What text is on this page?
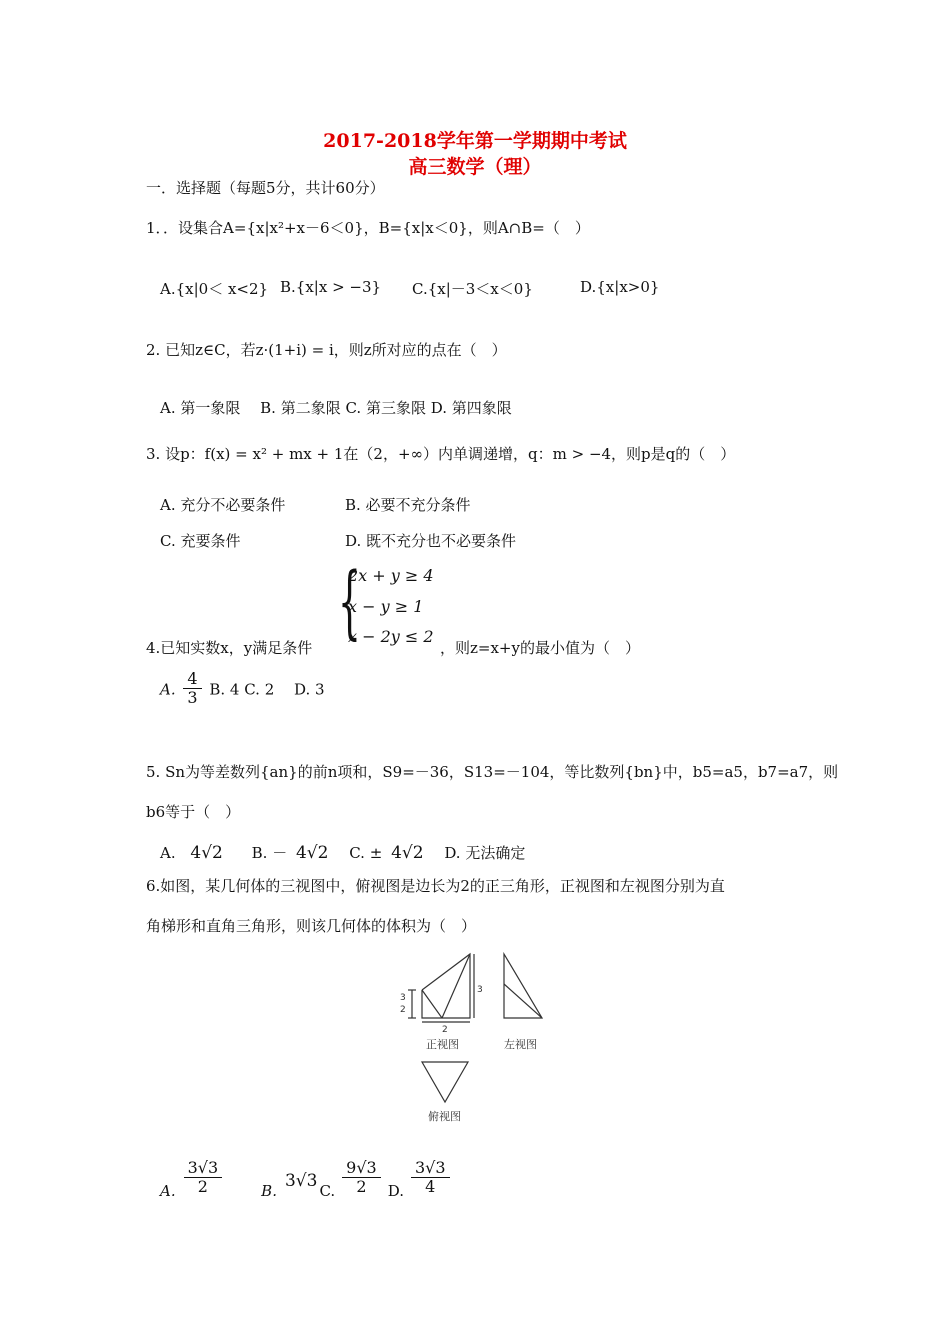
2017-2018学年第一学期期中考试
高三数学（理）
一．选择题（每题5分，共计60分）
1．．设集合A={x|x²+x－6＜0}，B={x|x＜0}，则A∩B=（　）
A.{x|0＜ x<2} B.{x|x > −3} C.{x|－3＜x＜0}	D.{x|x>0}
2. 已知z∈C，若z·(1+i) = i，则z所对应的点在（　）
A. 第一象限　 B. 第二象限 C. 第三象限 D. 第四象限
3. 设p：f(x) = x² + mx + 1在（2，+∞）内单调递增，q：m > −4，则p是q的（　）
A. 充分不必要条件	B. 必要不充分条件
C. 充要条件	D. 既不充分也不必要条件
{
2x + y ≥ 4
x − y ≥ 1
x − 2y ≤ 2
4.已知实数x，y满足条件	，则z=x+y的最小值为（　）
A. $\frac{4}{3} B$. 4 C. 2　 D. 3
5. Sn为等差数列{an}的前n项和，S9=－36，S13=－104，等比数列{bn}中，b5=a5，b7=a7，则
b6等于（　）
A. 4√2 B. － 4√2 C. ± 4√2 D. 无法确定
6.如图，某几何体的三视图中，俯视图是边长为2的正三角形，正视图和左视图分别为直
角梯形和直角三角形，则该几何体的体积为（　）
3
2
3
2
正视图	左视图
俯视图
A. $\frac{3√3}{2}$	B. 3√3 C. $\frac{9√3}{2} D$. $\frac{3√3}{4}$
